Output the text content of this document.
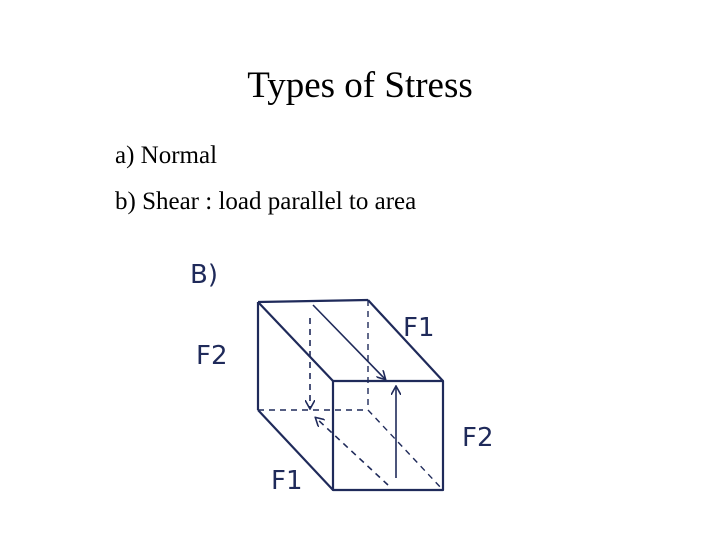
Types of Stress
a) Normal
b) Shear : load parallel to area
B)
F1
F2
F2
F1
